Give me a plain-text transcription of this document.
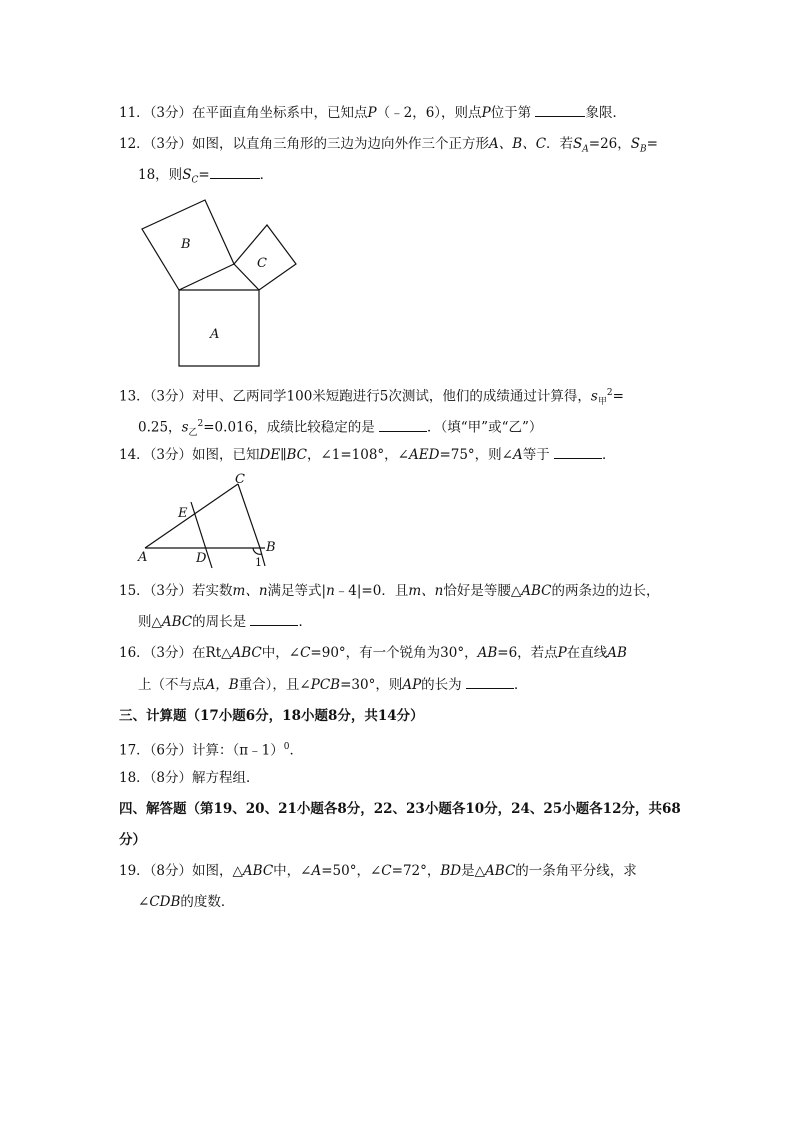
11．（3分）在平面直角坐标系中，已知点P（﹣2，6），则点P位于第	象限．
12．（3分）如图，以直角三角形的三边为边向外作三个正方形A、B、C．若$S_A=26$，$S_B=$
18，则$S_C=$	．
B
C
A
13．（3分）对甲、乙两同学100米短跑进行5次测试，他们的成绩通过计算得，$s_甲^2=$
0.25，$s_乙^2=0.016$，成绩比较稳定的是	．（填“甲”或“乙”）
14．（3分）如图，已知DE∥BC，∠1=108°，∠AED=75°，则∠A等于	．
C
E
A	D
B
1
15．（3分）若实数m、n满足等式|n﹣4|=0．且m、n恰好是等腰△ABC的两条边的边长，
则△ABC的周长是	．
16．（3分）在Rt△ABC中，∠C=90°，有一个锐角为30°，AB=6，若点P在直线AB
上（不与点A，B重合），且∠PCB=30°，则AP的长为	．
三、计算题（17小题6分，18小题8分，共14分）
17．（6分）计算：（π﹣1）$^0$．
18．（8分）解方程组．
四、解答题（第19、20、21小题各8分，22、23小题各10分，24、25小题各12分，共68
分）
19．（8分）如图，△ABC中，∠A=50°，∠C=72°，BD是△ABC的一条角平分线，求
∠CDB的度数．
